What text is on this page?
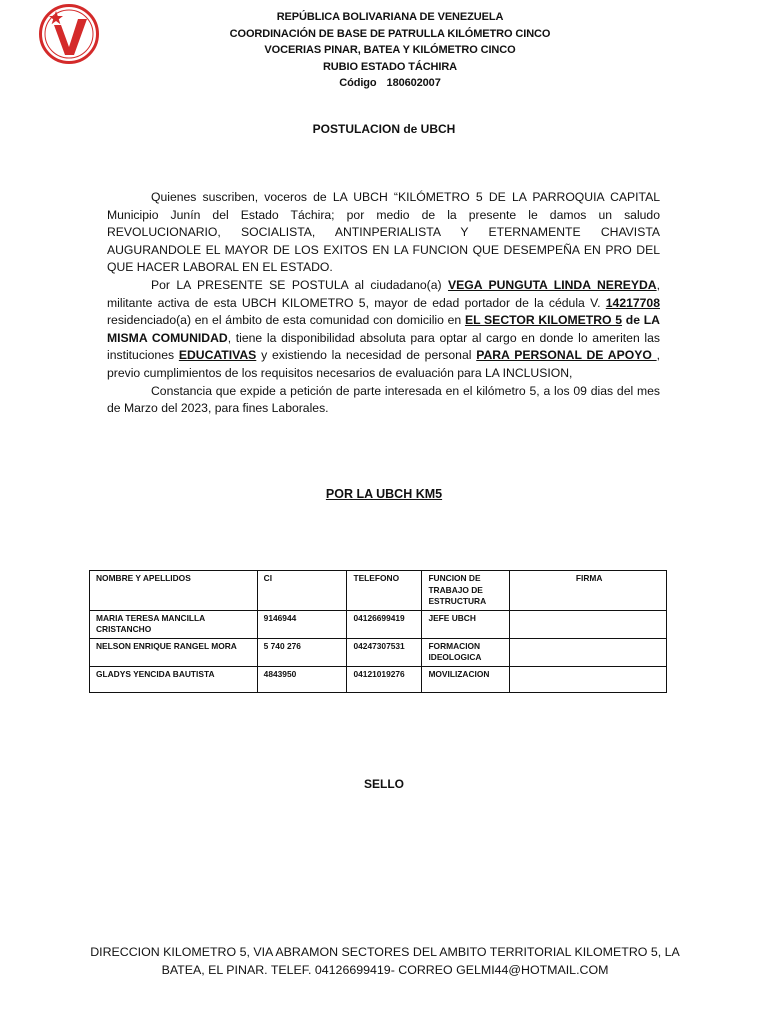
REPÚBLICA BOLIVARIANA DE VENEZUELA
COORDINACIÓN DE BASE DE PATRULLA KILÓMETRO CINCO
VOCERIAS PINAR, BATEA Y KILÓMETRO CINCO
RUBIO ESTADO TÁCHIRA
Código 180602007
POSTULACION de UBCH

Quienes suscriben, voceros de LA UBCH “KILÓMETRO 5 DE LA PARROQUIA CAPITAL Municipio Junín del Estado Táchira; por medio de la presente le damos un saludo REVOLUCIONARIO, SOCIALISTA, ANTINPERIALISTA Y ETERNAMENTE CHAVISTA AUGURANDOLE EL MAYOR DE LOS EXITOS EN LA FUNCION QUE DESEMPEÑA EN PRO DEL QUE HACER LABORAL EN EL ESTADO.

Por LA PRESENTE SE POSTULA al ciudadano(a) VEGA PUNGUTA LINDA NEREYDA, militante activa de esta UBCH KILOMETRO 5, mayor de edad portador de la cédula V. 14217708 residenciado(a) en el ámbito de esta comunidad con domicilio en EL SECTOR KILOMETRO 5 de LA MISMA COMUNIDAD, tiene la disponibilidad absoluta para optar al cargo en donde lo ameriten las instituciones EDUCATIVAS y existiendo la necesidad de personal PARA PERSONAL DE APOYO , previo cumplimientos de los requisitos necesarios de evaluación para LA INCLUSION,

Constancia que expide a petición de parte interesada en el kilómetro 5, a los 09 dias del mes de Marzo del 2023, para fines Laborales.

POR LA UBCH KM5
NOMBRE Y APELLIDOS	CI	TELEFONO	FUNCION DE TRABAJO DE ESTRUCTURA	FIRMA
MARIA TERESA MANCILLA CRISTANCHO	9146944	04126699419	JEFE UBCH	
NELSON ENRIQUE RANGEL MORA	5 740 276	04247307531	FORMACION IDEOLOGICA	
GLADYS YENCIDA BAUTISTA	4843950	04121019276	MOVILIZACION	
SELLO
DIRECCION KILOMETRO 5, VIA ABRAMON SECTORES DEL AMBITO TERRITORIAL KILOMETRO 5, LA BATEA, EL PINAR. TELEF. 04126699419- CORREO GELMI44@HOTMAIL.COM
